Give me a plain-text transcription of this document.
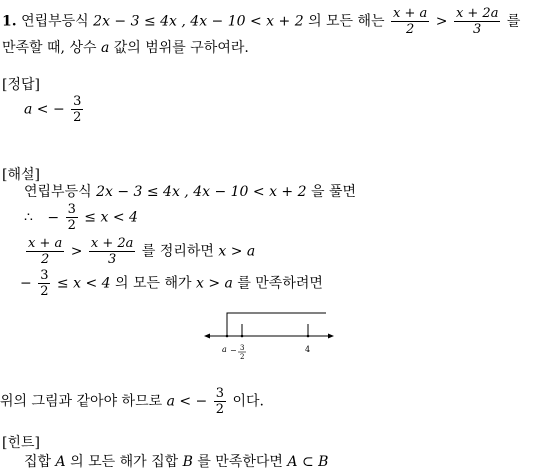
1. 연립부등식 2x − 3 ≤ 4x , 4x − 10 < x + 2 의 모든 해는 $\frac{x + a}{2} > \frac{x + 2a}{3}$ 를
만족할 때, 상수 a 값의 범위를 구하여라.
[정답]
a < − $\frac{3}{2}$
[해설]
연립부등식 2x − 3 ≤ 4x , 4x − 10 < x + 2 을 풀면
∴ − $\frac{3}{2} \le x < 4$
$\frac{x + a}{2} > \frac{x + 2a}{3}$ 를 정리하면 x > a
− $\frac{3}{2} \le x < 4$ 의 모든 해가 x > a 를 만족하려면
a − 3
2
4
위의 그림과 같아야 하므로 a < − $\frac{3}{2}$ 이다.
[힌트]
집합 A 의 모든 해가 집합 B 를 만족한다면 A ⊂ B
